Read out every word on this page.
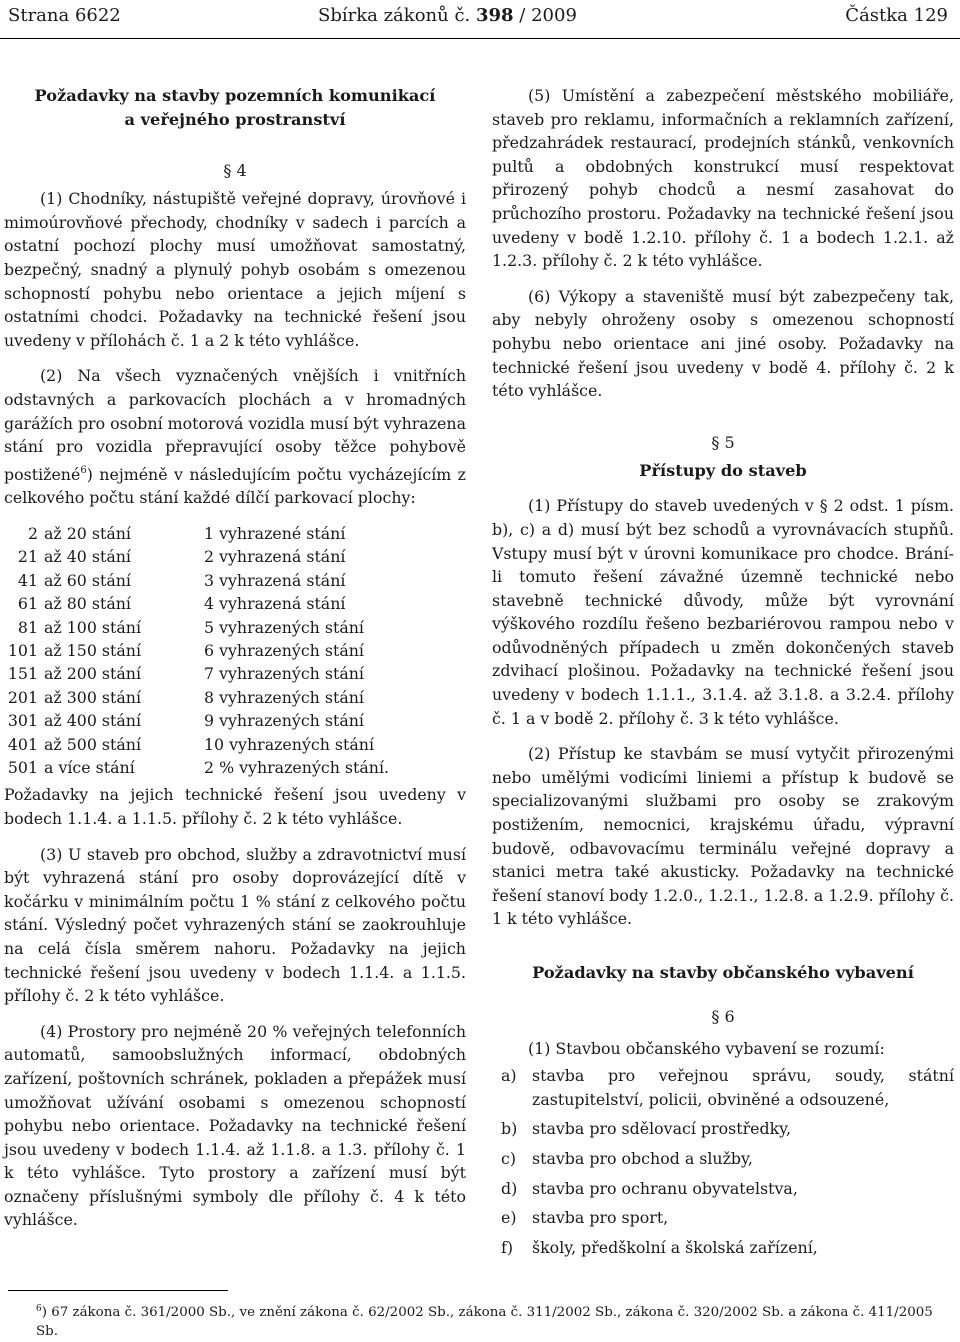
Strana 6622	Sbírka zákonů č. 398 / 2009	Částka 129

Požadavky na stavby pozemních komunikací

a veřejného prostranství

§ 4

(1) Chodníky, nástupiště veřejné dopravy, úrovňové i mimoúrovňové přechody, chodníky v sadech i parcích a ostatní pochozí plochy musí umožňovat samostatný, bezpečný, snadný a plynulý pohyb osobám s omezenou schopností pohybu nebo orientace a jejich míjení s ostatními chodci. Požadavky na technické řešení jsou uvedeny v přílohách č. 1 a 2 k této vyhlášce.

(2) Na všech vyznačených vnějších i vnitřních odstavných a parkovacích plochách a v hromadných garážích pro osobní motorová vozidla musí být vyhrazena stání pro vozidla přepravující osoby těžce pohybově postižené$^6$) nejméně v následujícím počtu vycházejícím z celkového počtu stání každé dílčí parkovací plochy:

2	až 20 stání	1 vyhrazené stání
21	až 40 stání	2 vyhrazená stání
41	až 60 stání	3 vyhrazená stání
61	až 80 stání	4 vyhrazená stání
81	až 100 stání	5 vyhrazených stání
101	až 150 stání	6 vyhrazených stání
151	až 200 stání	7 vyhrazených stání
201	až 300 stání	8 vyhrazených stání
301	až 400 stání	9 vyhrazených stání
401	až 500 stání	10 vyhrazených stání
501	a více stání	2 % vyhrazených stání.

Požadavky na jejich technické řešení jsou uvedeny v bodech 1.1.4. a 1.1.5. přílohy č. 2 k této vyhlášce.

(3) U staveb pro obchod, služby a zdravotnictví musí být vyhrazená stání pro osoby doprovázející dítě v kočárku v minimálním počtu 1 % stání z celkového počtu stání. Výsledný počet vyhrazených stání se zaokrouhluje na celá čísla směrem nahoru. Požadavky na jejich technické řešení jsou uvedeny v bodech 1.1.4. a 1.1.5. přílohy č. 2 k této vyhlášce.

(4) Prostory pro nejméně 20 % veřejných telefonních automatů, samoobslužných informací, obdobných zařízení, poštovních schránek, pokladen a přepážek musí umožňovat užívání osobami s omezenou schopností pohybu nebo orientace. Požadavky na technické řešení jsou uvedeny v bodech 1.1.4. až 1.1.8. a 1.3. přílohy č. 1 k této vyhlášce. Tyto prostory a zařízení musí být označeny příslušnými symboly dle přílohy č. 4 k této vyhlášce.

(5) Umístění a zabezpečení městského mobiliáře, staveb pro reklamu, informačních a reklamních zařízení, předzahrádek restaurací, prodejních stánků, venkovních pultů a obdobných konstrukcí musí respektovat přirozený pohyb chodců a nesmí zasahovat do průchozího prostoru. Požadavky na technické řešení jsou uvedeny v bodě 1.2.10. přílohy č. 1 a bodech 1.2.1. až 1.2.3. přílohy č. 2 k této vyhlášce.

(6) Výkopy a staveniště musí být zabezpečeny tak, aby nebyly ohroženy osoby s omezenou schopností pohybu nebo orientace ani jiné osoby. Požadavky na technické řešení jsou uvedeny v bodě 4. přílohy č. 2 k této vyhlášce.

§ 5

Přístupy do staveb

(1) Přístupy do staveb uvedených v § 2 odst. 1 písm. b), c) a d) musí být bez schodů a vyrovnávacích stupňů. Vstupy musí být v úrovni komunikace pro chodce. Brání-li tomuto řešení závažné územně technické nebo stavebně technické důvody, může být vyrovnání výškového rozdílu řešeno bezbariérovou rampou nebo v odůvodněných případech u změn dokončených staveb zdvihací plošinou. Požadavky na technické řešení jsou uvedeny v bodech 1.1.1., 3.1.4. až 3.1.8. a 3.2.4. přílohy č. 1 a v bodě 2. přílohy č. 3 k této vyhlášce.

(2) Přístup ke stavbám se musí vytyčit přirozenými nebo umělými vodicími liniemi a přístup k budově se specializovanými službami pro osoby se zrakovým postižením, nemocnici, krajskému úřadu, výpravní budově, odbavovacímu terminálu veřejné dopravy a stanici metra také akusticky. Požadavky na technické řešení stanoví body 1.2.0., 1.2.1., 1.2.8. a 1.2.9. přílohy č. 1 k této vyhlášce.

Požadavky na stavby občanského vybavení

§ 6

(1) Stavbou občanského vybavení se rozumí:

a) stavba pro veřejnou správu, soudy, státní zastupitelství, policii, obviněné a odsouzené,
b) stavba pro sdělovací prostředky,
c) stavba pro obchod a služby,
d) stavba pro ochranu obyvatelstva,
e) stavba pro sport,
f) školy, předškolní a školská zařízení,
$^6$) 67 zákona č. 361/2000 Sb., ve znění zákona č. 62/2002 Sb., zákona č. 311/2002 Sb., zákona č. 320/2002 Sb. a zákona č. 411/2005 Sb.
